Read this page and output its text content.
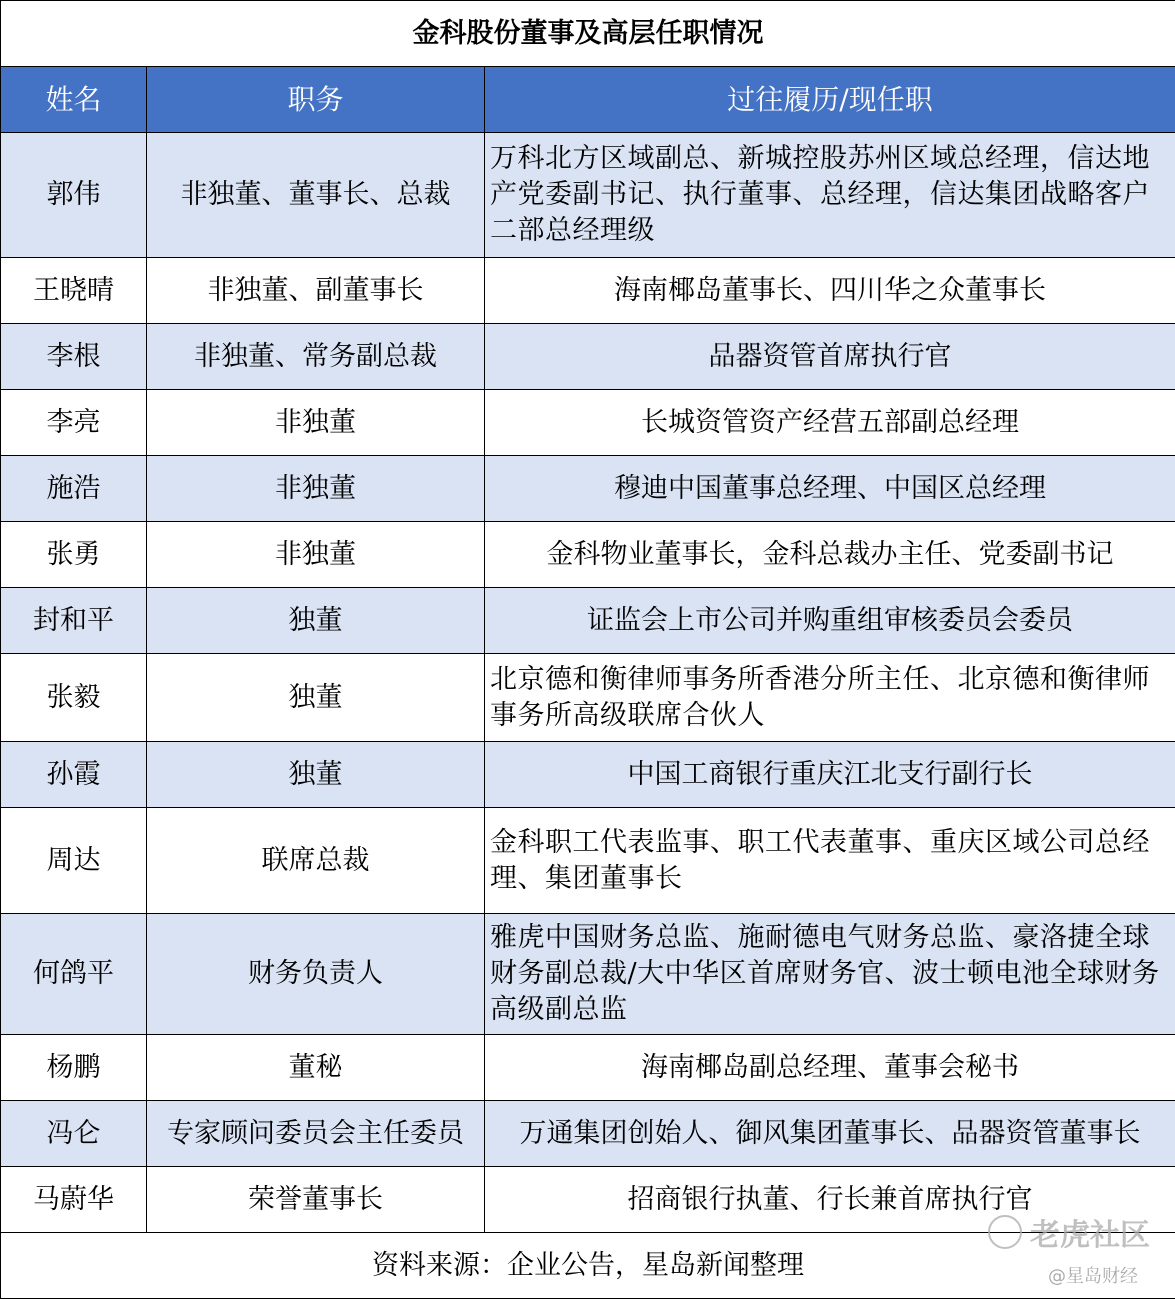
金科股份董事及高层任职情况		
姓名	职务	过往履历/现任职
郭伟	非独董、董事长、总裁	万科北方区域副总、新城控股苏州区域总经理，信达地产党委副书记、执行董事、总经理，信达集团战略客户二部总经理级
王晓晴	非独董、副董事长	海南椰岛董事长、四川华之众董事长
李根	非独董、常务副总裁	品器资管首席执行官
李亮	非独董	长城资管资产经营五部副总经理
施浩	非独董	穆迪中国董事总经理、中国区总经理
张勇	非独董	金科物业董事长，金科总裁办主任、党委副书记
封和平	独董	证监会上市公司并购重组审核委员会委员
张毅	独董	北京德和衡律师事务所香港分所主任、北京德和衡律师事务所高级联席合伙人
孙霞	独董	中国工商银行重庆江北支行副行长
周达	联席总裁	金科职工代表监事、职工代表董事、重庆区域公司总经理、集团董事长
何鸽平	财务负责人	雅虎中国财务总监、施耐德电气财务总监、豪洛捷全球财务副总裁/大中华区首席财务官、波士顿电池全球财务高级副总监
杨鹏	董秘	海南椰岛副总经理、董事会秘书
冯仑	专家顾问委员会主任委员	万通集团创始人、御风集团董事长、品器资管董事长
马蔚华	荣誉董事长	招商银行执董、行长兼首席执行官
资料来源：企业公告，星岛新闻整理		
老虎社区
@星岛财经
